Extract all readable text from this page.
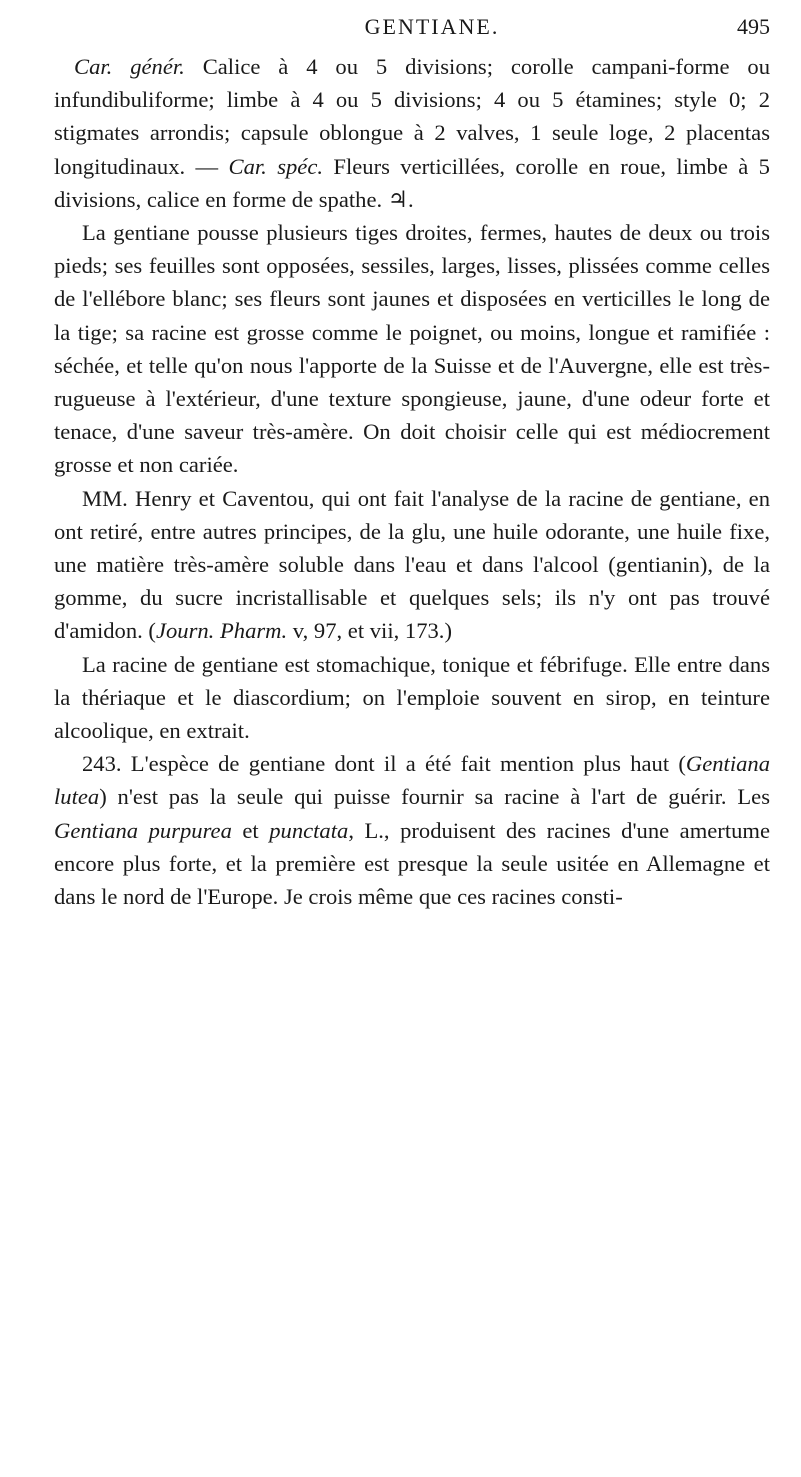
GENTIANE.	495

Car. génér. Calice à 4 ou 5 divisions; corolle campani-forme ou infundibuliforme; limbe à 4 ou 5 divisions; 4 ou 5 étamines; style 0; 2 stigmates arrondis; capsule oblongue à 2 valves, 1 seule loge, 2 placentas longitudinaux. — Car. spéc. Fleurs verticillées, corolle en roue, limbe à 5 divisions, calice en forme de spathe. ♃.

La gentiane pousse plusieurs tiges droites, fermes, hautes de deux ou trois pieds; ses feuilles sont opposées, sessiles, larges, lisses, plissées comme celles de l'ellébore blanc; ses fleurs sont jaunes et disposées en verticilles le long de la tige; sa racine est grosse comme le poignet, ou moins, longue et ramifiée : séchée, et telle qu'on nous l'apporte de la Suisse et de l'Auvergne, elle est très-rugueuse à l'extérieur, d'une texture spongieuse, jaune, d'une odeur forte et tenace, d'une saveur très-amère. On doit choisir celle qui est médiocrement grosse et non cariée.

MM. Henry et Caventou, qui ont fait l'analyse de la racine de gentiane, en ont retiré, entre autres principes, de la glu, une huile odorante, une huile fixe, une matière très-amère soluble dans l'eau et dans l'alcool (gentianin), de la gomme, du sucre incristallisable et quelques sels; ils n'y ont pas trouvé d'amidon. (Journ. Pharm. v, 97, et vii, 173.)

La racine de gentiane est stomachique, tonique et fébrifuge. Elle entre dans la thériaque et le diascordium; on l'emploie souvent en sirop, en teinture alcoolique, en extrait.

243. L'espèce de gentiane dont il a été fait mention plus haut (Gentiana lutea) n'est pas la seule qui puisse fournir sa racine à l'art de guérir. Les Gentiana purpurea et punctata, L., produisent des racines d'une amertume encore plus forte, et la première est presque la seule usitée en Allemagne et dans le nord de l'Europe. Je crois même que ces racines consti-
